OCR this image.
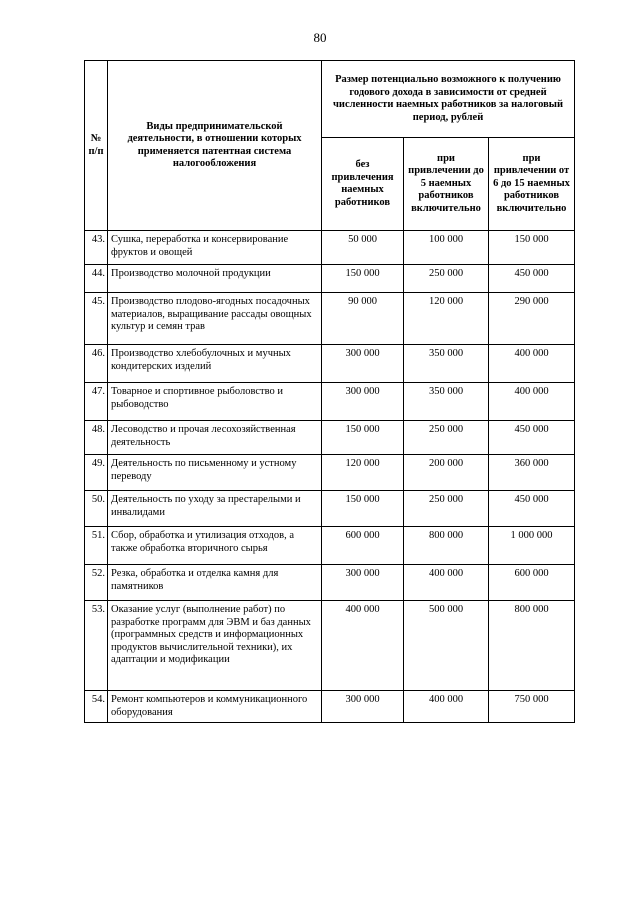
80
№
п/п	Виды предпринимательской деятельности, в отношении которых применяется патентная система налогообложения	Размер потенциально возможного к получению годового дохода в зависимости от средней численности наемных работников за налоговый период, рублей		
		без привлечения наемных работников	при привлечении до 5 наемных работников включительно	при привлечении от 6 до 15 наемных работников включительно
43.	Сушка, переработка и консервирование фруктов и овощей	50 000	100 000	150 000
44.	Производство молочной продукции	150 000	250 000	450 000
45.	Производство плодово-ягодных посадочных материалов, выращивание рассады овощных культур и семян трав	90 000	120 000	290 000
46.	Производство хлебобулочных и мучных кондитерских изделий	300 000	350 000	400 000
47.	Товарное и спортивное рыболовство и рыбоводство	300 000	350 000	400 000
48.	Лесоводство и прочая лесохозяйственная деятельность	150 000	250 000	450 000
49.	Деятельность по письменному и устному переводу	120 000	200 000	360 000
50.	Деятельность по уходу за престарелыми и инвалидами	150 000	250 000	450 000
51.	Сбор, обработка и утилизация отходов, а также обработка вторичного сырья	600 000	800 000	1 000 000
52.	Резка, обработка и отделка камня для памятников	300 000	400 000	600 000
53.	Оказание услуг (выполнение работ) по разработке программ для ЭВМ и баз данных (программных средств и информационных продуктов вычислительной техники), их адаптации и модификации	400 000	500 000	800 000
54.	Ремонт компьютеров и коммуникационного оборудования	300 000	400 000	750 000
